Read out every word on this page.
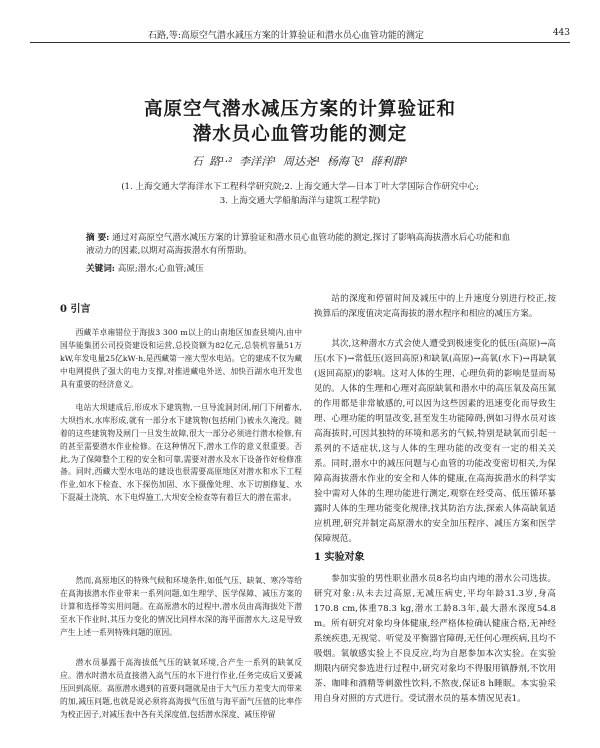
石路,等:高原空气潜水减压方案的计算验证和潜水员心血管功能的测定	443
高原空气潜水减压方案的计算验证和
潜水员心血管功能的测定
石 路¹·² 李洋洋¹ 周达尧¹ 杨海飞¹ 薛利群¹
(1. 上海交通大学海洋水下工程科学研究院;2. 上海交通大学—日本丁叶大学国际合作研究中心;
3. 上海交通大学船舶海洋与建筑工程学院)
摘 要: 通过对高原空气潜水减压方案的计算验证和潜水员心血管功能的测定,探讨了影响高海拔潜水后心功能和血液动力的因素,以期对高海拔潜水有所帮助。
关键词: 高原;潜水;心血管;减压
0 引言
西藏羊卓雍错位于海拔3 300 m以上的山南地区加查县境内,由中国华能集团公司投资建设和运营,总投资额为82亿元,总装机容量51万kW,年发电量25亿kW·h,是西藏第一座大型水电站。它的建成不仅为藏中电网提供了强大的电力支撑,对推进藏电外送、加快百湖水电开发也具有重要的经济意义。
电站大坝建成后,形成水下建筑物,一旦导流洞封闭,闸门下闸蓄水,大坝挡水,水库形成,就有一部分水下建筑物(包括闸门)被永久淹没。随着的这些建筑物及闸门一旦发生故障,很大一部分必须进行潜水检修,有的甚至需要潜水作业检修。在这种情况下,潜水工作的意义很重要。否此,为了保障整个工程的安全和可靠,需要对潜水及水下设备作好检修准备。同时,西藏大型水电站的建设也很需要高原地区对潜水和水下工程作业,如水下检查、水下探伤加固、水下摄像处理、水下切割修复、水下混凝土浇筑、水下电焊施工,大坝安全检查等有着巨大的潜在需求。
然而,高原地区的特殊气候和环境条件,如低气压、缺氧、寒冷等给在高海拔潜水作业带来一系列问题,如生理学、医学保障、减压方案的计算和选择等实用问题。在高原潜水的过程中,潜水员由高海拔处下潜至水下作业时,其压力变化的情况比同样水深的海平面潜水大,这是导致产生上述一系列特殊问题的原因。
潜水员暴露于高海拔低气压的缺氧环境,合产生一系列的缺氧反应。潜水时潜水员直接潜入高气压的水下进行作业,任务完成后又要减压回到高原。高原潜水遇到的首要问题就是由于大气压力差变大而带来的加,减压问题,也就是说必须将高海拔气压值与海平面气压值的比率作为校正因子,对减压表中各有关深度值,包括潜水深度、减压停留
站的深度和停留时间及减压中的上升速度分别进行校正,按换算后的深度值决定高海拔的潜水程序和相应的减压方案。
其次,这种潜水方式会使人遭受到极速变化的低压(高原)→高压(水下)→常低压(返回高原)和缺氧(高原)→高氧(水下)→再缺氧(返回高原)的影响。这对人体的生理、心理负荷的影响是显而易见的。人体的生理和心理对高原缺氧和潜水中的高压氧及高压氮的作用都是非常敏感的,可以因为这些因素的迅速变化而导致生理、心理功能的明显改变,甚至发生功能障碍,例如习得水员对该高海拔时,可因其独特的环境和恶劣的气候,特别是缺氧而引起一系列的不适症状,这与人体的生理功能的改变有一定的相关关系。同时,潜水中的减压问题与心血管的功能改变密切相关,为保障高海拔潜水作业的安全和人体的健康,在高海拔潜水的科学实验中需对人体的生理功能进行测定,观察在经受高、低压循环暴露时人体的生理功能变化规律,找其防治方法,探索人体高缺氧适应机理,研究并制定高原潜水的安全加压程序、减压方案和医学保障规范。
1 实验对象
参加实验的男性职业潜水员8名均由内地的潜水公司选拔。研究对象:从未去过高原,无减压病史,平均年龄31.3岁,身高170.8 cm,体重78.3 kg,潜水工龄8.3年,最大潜水深度54.8 m。所有研究对象均身体健康,经严格体检确认健康合格,无神经系统疾患,无视觉、听觉及平衡器官障碍,无任何心理疾病,且均不吸烟。氧敏感实验上不良反应,均为自愿参加本次实验。在实验期限内研究参选进行过程中,研究对象均不得服用镇静剂,不饮用茶、咖啡和酒精等刺激性饮料,不熬夜,保证8 h睡眠。本实验采用自身对照的方式进行。受试潜水员的基本情况见表1。
